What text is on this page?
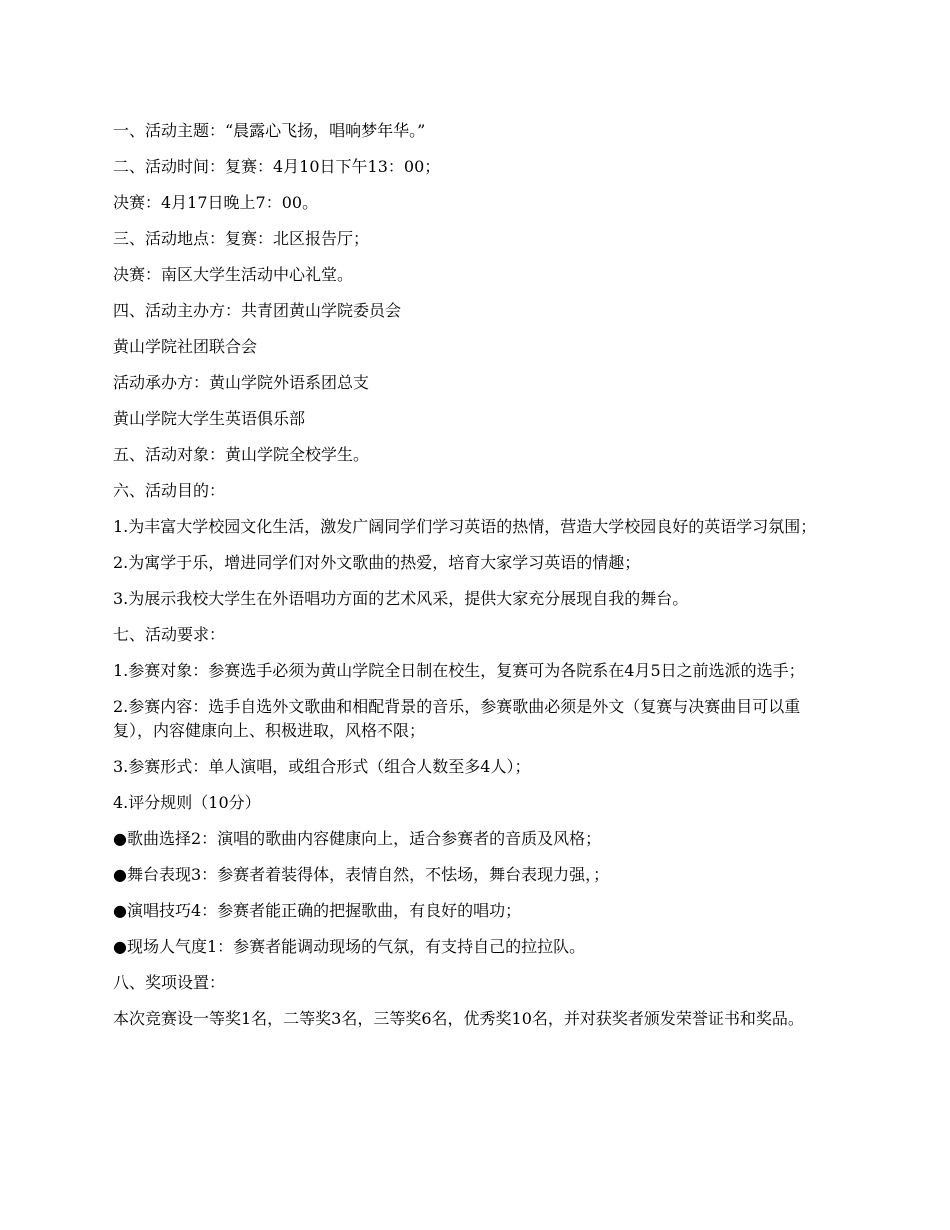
一、活动主题：“晨露心飞扬，唱响梦年华。”

二、活动时间：复赛：4月10日下午13：00；

决赛：4月17日晚上7：00。

三、活动地点：复赛：北区报告厅；

决赛：南区大学生活动中心礼堂。

四、活动主办方：共青团黄山学院委员会

黄山学院社团联合会

活动承办方：黄山学院外语系团总支

黄山学院大学生英语俱乐部

五、活动对象：黄山学院全校学生。

六、活动目的：

1.为丰富大学校园文化生活，激发广阔同学们学习英语的热情，营造大学校园良好的英语学习氛围；

2.为寓学于乐，增进同学们对外文歌曲的热爱，培育大家学习英语的情趣；

3.为展示我校大学生在外语唱功方面的艺术风采，提供大家充分展现自我的舞台。

七、活动要求：

1.参赛对象：参赛选手必须为黄山学院全日制在校生，复赛可为各院系在4月5日之前选派的选手；

2.参赛内容：选手自选外文歌曲和相配背景的音乐，参赛歌曲必须是外文（复赛与决赛曲目可以重复），内容健康向上、积极进取，风格不限；

3.参赛形式：单人演唱，或组合形式（组合人数至多4人）；

4.评分规则（10分）

●歌曲选择2：演唱的歌曲内容健康向上，适合参赛者的音质及风格；

●舞台表现3：参赛者着装得体，表情自然，不怯场，舞台表现力强，；

●演唱技巧4：参赛者能正确的把握歌曲，有良好的唱功；

●现场人气度1：参赛者能调动现场的气氛，有支持自己的拉拉队。

八、奖项设置：

本次竞赛设一等奖1名，二等奖3名，三等奖6名，优秀奖10名，并对获奖者颁发荣誉证书和奖品。
